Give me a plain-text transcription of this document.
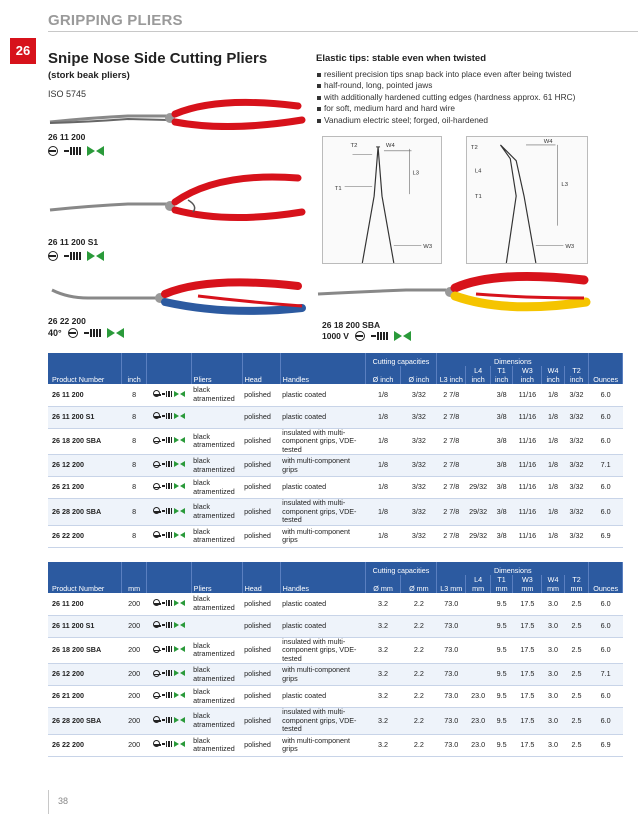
GRIPPING PLIERS
26	Snipe Nose Side Cutting Pliers
(stork beak pliers)
ISO 5745
Elastic tips: stable even when twisted
resilient precision tips snap back into place even after being twisted
half-round, long, pointed jaws
with additionally hardened cutting edges (hardness approx. 61 HRC)
for soft, medium hard and hard wire
Vanadium electric steel; forged, oil-hardened
26 11 200
26 11 200 S1
26 22 200
40°
T2	W4
L3
T1
W3
T2
W4
L4
T1
L3
W3
26 18 200 SBA
1000 V
Product Number	inch		Pliers	Head	Handles	Cutting capacities		Dimensions						Ounces
						Ø inch	Ø inch	L3 inch	L4 inch	T1 inch	W3 inch	W4 inch	T2 inch	
26 11 200	8		black atramentized	polished	plastic coated	1/8	3/32	2 7/8		3/8	11/16	1/8	3/32	6.0
26 11 200 S1	8			polished	plastic coated	1/8	3/32	2 7/8		3/8	11/16	1/8	3/32	6.0
26 18 200 SBA	8		black atramentized	polished	insulated with multi-component grips, VDE-tested	1/8	3/32	2 7/8		3/8	11/16	1/8	3/32	6.0
26 12 200	8		black atramentized	polished	with multi-component grips	1/8	3/32	2 7/8		3/8	11/16	1/8	3/32	7.1
26 21 200	8		black atramentized	polished	plastic coated	1/8	3/32	2 7/8	29/32	3/8	11/16	1/8	3/32	6.0
26 28 200 SBA	8		black atramentized	polished	insulated with multi-component grips, VDE-tested	1/8	3/32	2 7/8	29/32	3/8	11/16	1/8	3/32	6.0
26 22 200	8		black atramentized	polished	with multi-component grips	1/8	3/32	2 7/8	29/32	3/8	11/16	1/8	3/32	6.9
Product Number	mm		Pliers	Head	Handles	Cutting capacities		Dimensions						Ounces
						Ø mm	Ø mm	L3 mm	L4 mm	T1 mm	W3 mm	W4 mm	T2 mm	
26 11 200	200		black atramentized	polished	plastic coated	3.2	2.2	73.0		9.5	17.5	3.0	2.5	6.0
26 11 200 S1	200			polished	plastic coated	3.2	2.2	73.0		9.5	17.5	3.0	2.5	6.0
26 18 200 SBA	200		black atramentized	polished	insulated with multi-component grips, VDE-tested	3.2	2.2	73.0		9.5	17.5	3.0	2.5	6.0
26 12 200	200		black atramentized	polished	with multi-component grips	3.2	2.2	73.0		9.5	17.5	3.0	2.5	7.1
26 21 200	200		black atramentized	polished	plastic coated	3.2	2.2	73.0	23.0	9.5	17.5	3.0	2.5	6.0
26 28 200 SBA	200		black atramentized	polished	insulated with multi-component grips, VDE-tested	3.2	2.2	73.0	23.0	9.5	17.5	3.0	2.5	6.0
26 22 200	200		black atramentized	polished	with multi-component grips	3.2	2.2	73.0	23.0	9.5	17.5	3.0	2.5	6.9
38
